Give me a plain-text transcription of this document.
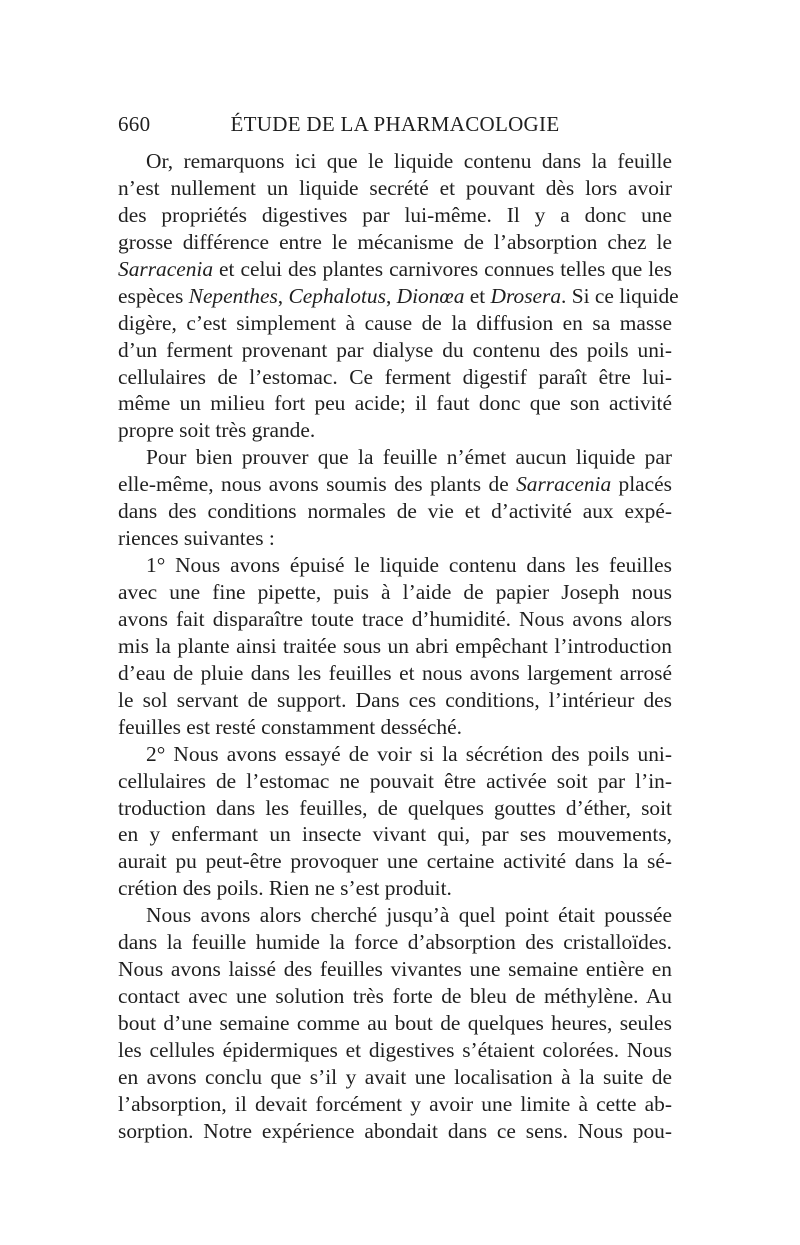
660	ÉTUDE DE LA PHARMACOLOGIE
Or, remarquons ici que le liquide contenu dans la feuille
n’est nullement un liquide secrété et pouvant dès lors avoir
des propriétés digestives par lui-même. Il y a donc une
grosse différence entre le mécanisme de l’absorption chez le
Sarracenia et celui des plantes carnivores connues telles que les
espèces Nepenthes, Cephalotus, Dionœa et Drosera. Si ce liquide
digère, c’est simplement à cause de la diffusion en sa masse
d’un ferment provenant par dialyse du contenu des poils uni-
cellulaires de l’estomac. Ce ferment digestif paraît être lui-
même un milieu fort peu acide; il faut donc que son activité
propre soit très grande.
Pour bien prouver que la feuille n’émet aucun liquide par
elle-même, nous avons soumis des plants de Sarracenia placés
dans des conditions normales de vie et d’activité aux expé-
riences suivantes :
1° Nous avons épuisé le liquide contenu dans les feuilles
avec une fine pipette, puis à l’aide de papier Joseph nous
avons fait disparaître toute trace d’humidité. Nous avons alors
mis la plante ainsi traitée sous un abri empêchant l’introduction
d’eau de pluie dans les feuilles et nous avons largement arrosé
le sol servant de support. Dans ces conditions, l’intérieur des
feuilles est resté constamment desséché.
2° Nous avons essayé de voir si la sécrétion des poils uni-
cellulaires de l’estomac ne pouvait être activée soit par l’in-
troduction dans les feuilles, de quelques gouttes d’éther, soit
en y enfermant un insecte vivant qui, par ses mouvements,
aurait pu peut-être provoquer une certaine activité dans la sé-
crétion des poils. Rien ne s’est produit.
Nous avons alors cherché jusqu’à quel point était poussée
dans la feuille humide la force d’absorption des cristalloïdes.
Nous avons laissé des feuilles vivantes une semaine entière en
contact avec une solution très forte de bleu de méthylène. Au
bout d’une semaine comme au bout de quelques heures, seules
les cellules épidermiques et digestives s’étaient colorées. Nous
en avons conclu que s’il y avait une localisation à la suite de
l’absorption, il devait forcément y avoir une limite à cette ab-
sorption. Notre expérience abondait dans ce sens. Nous pou-
